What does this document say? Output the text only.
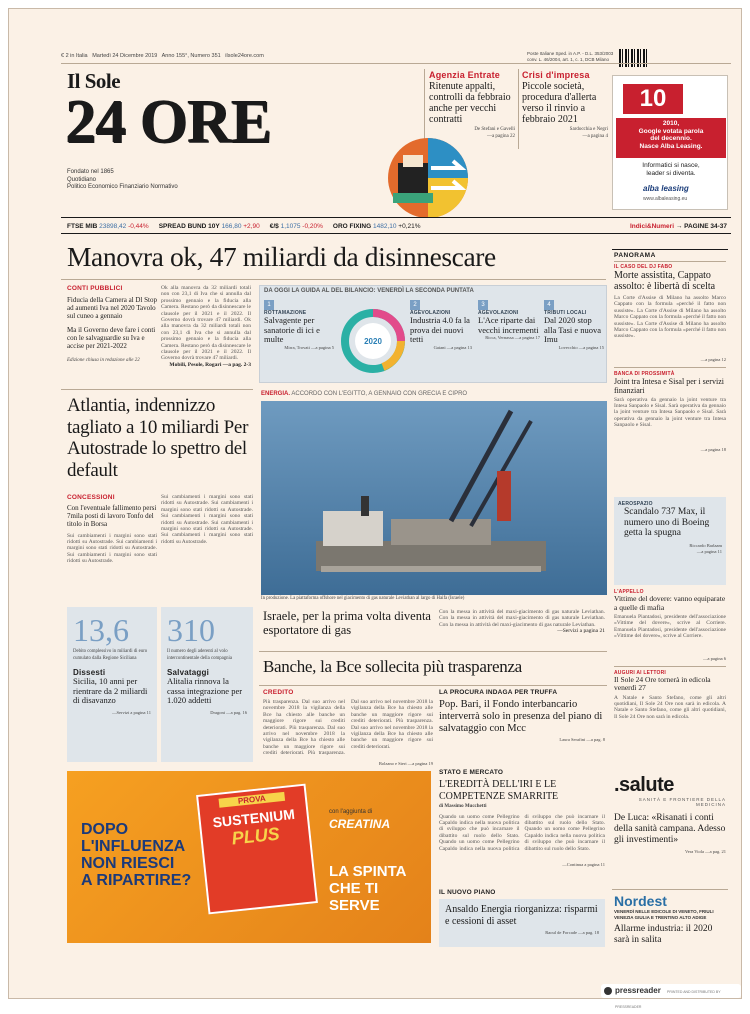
€ 2 in Italia Martedì 24 Dicembre 2019 Anno 155°, Numero 351 ilsole24ore.com	Poste Italiane Sped. in A.P. - D.L. 353/2003
conv. L. 46/2004, art. 1, c. 1, DCB Milano
Il Sole
24 ORE
Fondato nel 1865
Quotidiano
Politico Economico Finanziario Normativo
Agenzia Entrate
Ritenute appalti, controlli da febbraio anche per vecchi contratti
De Stefani e Gavelli
—a pagina 22
Crisi d'impresa
Piccole società, procedura d'allerta verso il rinvio a febbraio 2021
Sardocchia e Negri
—a pagina 4
10
2010,
Google votata parola
del decennio.
Nasce Alba Leasing.
Informatici si nasce,
leader si diventa.
alba leasing
www.albaleasing.eu
FTSE MIB 23898,42 -0,44% SPREAD BUND 10Y 166,80 +2,90 €/$ 1,1075 -0,20% ORO FIXING 1482,10 +0,21%	Indici&Numeri → PAGINE 34-37
Manovra ok, 47 miliardi da disinnescare
CONTI PUBBLICI
Fiducia della Camera al Dl Stop ad aumenti Iva nel 2020 Tavolo sul cuneo a gennaio
Ma il Governo deve fare i conti con le salvaguardie su Iva e accise per 2021-2022
Edizione chiusa in redazione alle 22
Ok alla manovra da 32 miliardi totali non con 23,1 di Iva che si annulla dal prossimo gennaio e la fiducia alla Camera. Restano però da disinnescare le clausole per il 2021 e il 2022. Il Governo dovrà trovare 47 miliardi. Ok alla manovra da 32 miliardi totali non con 23,1 di Iva che si annulla dal prossimo gennaio e la fiducia alla Camera. Restano però da disinnescare le clausole per il 2021 e il 2022. Il Governo dovrà trovare 47 miliardi.
Mobili, Pesole, Rogari —a pag. 2-3
DA OGGI LA GUIDA AL DEL BILANCIO: VENERDÌ LA SECONDA PUNTATA
1
ROTTAMAZIONE
Salvagente per sanatorie di ici e multe
Mirra, Trovati —a pagina 5
2020
2
AGEVOLAZIONI
Industria 4.0 fa la prova dei nuovi tetti
Gaiani —a pagina 13
3
AGEVOLAZIONI
L'Ace riparte dai vecchi incrementi
Ricca, Vernassa —a pagina 17
4
TRIBUTI LOCALI
Dal 2020 stop alla Tasi e nuova Imu
Lovecchio —a pagina 15
PANORAMA
IL CASO DEL DJ FABO
Morte assistita, Cappato assolto: è libertà di scelta
La Corte d'Assise di Milano ha assolto Marco Cappato con la formula «perché il fatto non sussiste». La Corte d'Assise di Milano ha assolto Marco Cappato con la formula «perché il fatto non sussiste». La Corte d'Assise di Milano ha assolto Marco Cappato con la formula «perché il fatto non sussiste».
—a pagina 12
BANCA DI PROSSIMITÀ
Joint tra Intesa e Sisal per i servizi finanziari
Sarà operativa da gennaio la joint venture tra Intesa Sanpaolo e Sisal. Sarà operativa da gennaio la joint venture tra Intesa Sanpaolo e Sisal. Sarà operativa da gennaio la joint venture tra Intesa Sanpaolo e Sisal.
—a pagina 18
AEROSPAZIO
Scandalo 737 Max, il numero uno di Boeing getta la spugna
Riccardo Barlaam
—a pagina 11
L'APPELLO
Vittime del dovere: vanno equiparate a quelle di mafia
Emanuela Piantadosi, presidente dell'associazione «Vittime del dovere», scrive al Corriere. Emanuela Piantadosi, presidente dell'associazione «Vittime del dovere», scrive al Corriere.
—a pagina 6
AUGURI AI LETTORI
Il Sole 24 Ore tornerà in edicola venerdì 27
A Natale e Santo Stefano, come gli altri quotidiani, Il Sole 24 Ore non sarà in edicola. A Natale e Santo Stefano, come gli altri quotidiani, Il Sole 24 Ore non sarà in edicola.
Atlantia, indennizzo tagliato a 10 miliardi Per Autostrade lo spettro del default
CONCESSIONI
Con l'eventuale fallimento persi 7mila posti di lavoro Tonfo del titolo in Borsa
Sui cambiamenti i margini sono stati ridotti su Autostrade. Sui cambiamenti i margini sono stati ridotti su Autostrade. Sui cambiamenti i margini sono stati ridotti su Autostrade.
Sui cambiamenti i margini sono stati ridotti su Autostrade. Sui cambiamenti i margini sono stati ridotti su Autostrade. Sui cambiamenti i margini sono stati ridotti su Autostrade. Sui cambiamenti i margini sono stati ridotti su Autostrade. Sui cambiamenti i margini sono stati ridotti su Autostrade.
ENERGIA. ACCORDO CON L'EGITTO, A GENNAIO CON GRECIA E CIPRO
In produzione. La piattaforma offshore nel giacimento di gas naturale Leviathan al largo di Haifa (Israele)
Israele, per la prima volta diventa esportatore di gas
Con la messa in attività del maxi-giacimento di gas naturale Leviathan. Con la messa in attività del maxi-giacimento di gas naturale Leviathan. Con la messa in attività del maxi-giacimento di gas naturale Leviathan.
—Servizi a pagina 21
13,6
Debito complessivo in miliardi di euro cumulato dalla Regione Siciliana
Dissesti
Sicilia, 10 anni per rientrare da 2 miliardi di disavanzo
—Servizi a pagina 11
310
Il numero degli aderenti al volo intercontinentale della compagnia
Salvataggi
Alitalia rinnova la cassa integrazione per 1.020 addetti
Dragoni —a pag. 16
Banche, la Bce sollecita più trasparenza
CREDITO
Più trasparenza. Dal suo arrivo nel novembre 2018 la vigilanza della Bce ha chiesto alle banche un maggiore rigore sui crediti deteriorati. Più trasparenza. Dal suo arrivo nel novembre 2018 la vigilanza della Bce ha chiesto alle banche un maggiore rigore sui crediti deteriorati. Più trasparenza. Dal suo arrivo nel novembre 2018 la vigilanza della Bce ha chiesto alle banche un maggiore rigore sui crediti deteriorati. Più trasparenza. Dal suo arrivo nel novembre 2018 la vigilanza della Bce ha chiesto alle banche un maggiore rigore sui crediti deteriorati.
Bolzano e Steri —a pagina 19
LA PROCURA INDAGA PER TRUFFA
Pop. Bari, il Fondo interbancario interverrà solo in presenza del piano di salvataggio con Mcc
Laura Serafini —a pag. 8
DOPO
L'INFLUENZA
NON RIESCI
A RIPARTIRE?
PROVA
SUSTENIUM
PLUS
con l'aggiunta di
CREATINA
LA SPINTA
CHE TI SERVE
STATO E MERCATO
L'EREDITÀ DELL'IRI E LE COMPETENZE SMARRITE
di Massimo Mucchetti
Quando un uomo come Pellegrino Capaldo indica nella nuova politica di sviluppo che può incarnare il dibattito sul ruolo dello Stato. Quando un uomo come Pellegrino Capaldo indica nella nuova politica di sviluppo che può incarnare il dibattito sul ruolo dello Stato. Quando un uomo come Pellegrino Capaldo indica nella nuova politica di sviluppo che può incarnare il dibattito sul ruolo dello Stato.
—Continua a pagina 11
IL NUOVO PIANO
Ansaldo Energia riorganizza: risparmi e cessioni di asset
Raoul de Forcade —a pag. 18
.salute
SANITÀ E FRONTIERE DELLA MEDICINA
De Luca: «Risanati i conti della sanità campana. Adesso gli investimenti»
Vera Viola —a pag. 21
Nordest
VENERDÌ NELLE EDICOLE DI VENETO, FRIULI VENEZIA GIULIA E TRENTINO ALTO ADIGE
Allarme industria: il 2020 sarà in salita
pressreader PRINTED AND DISTRIBUTED BY PRESSREADER
